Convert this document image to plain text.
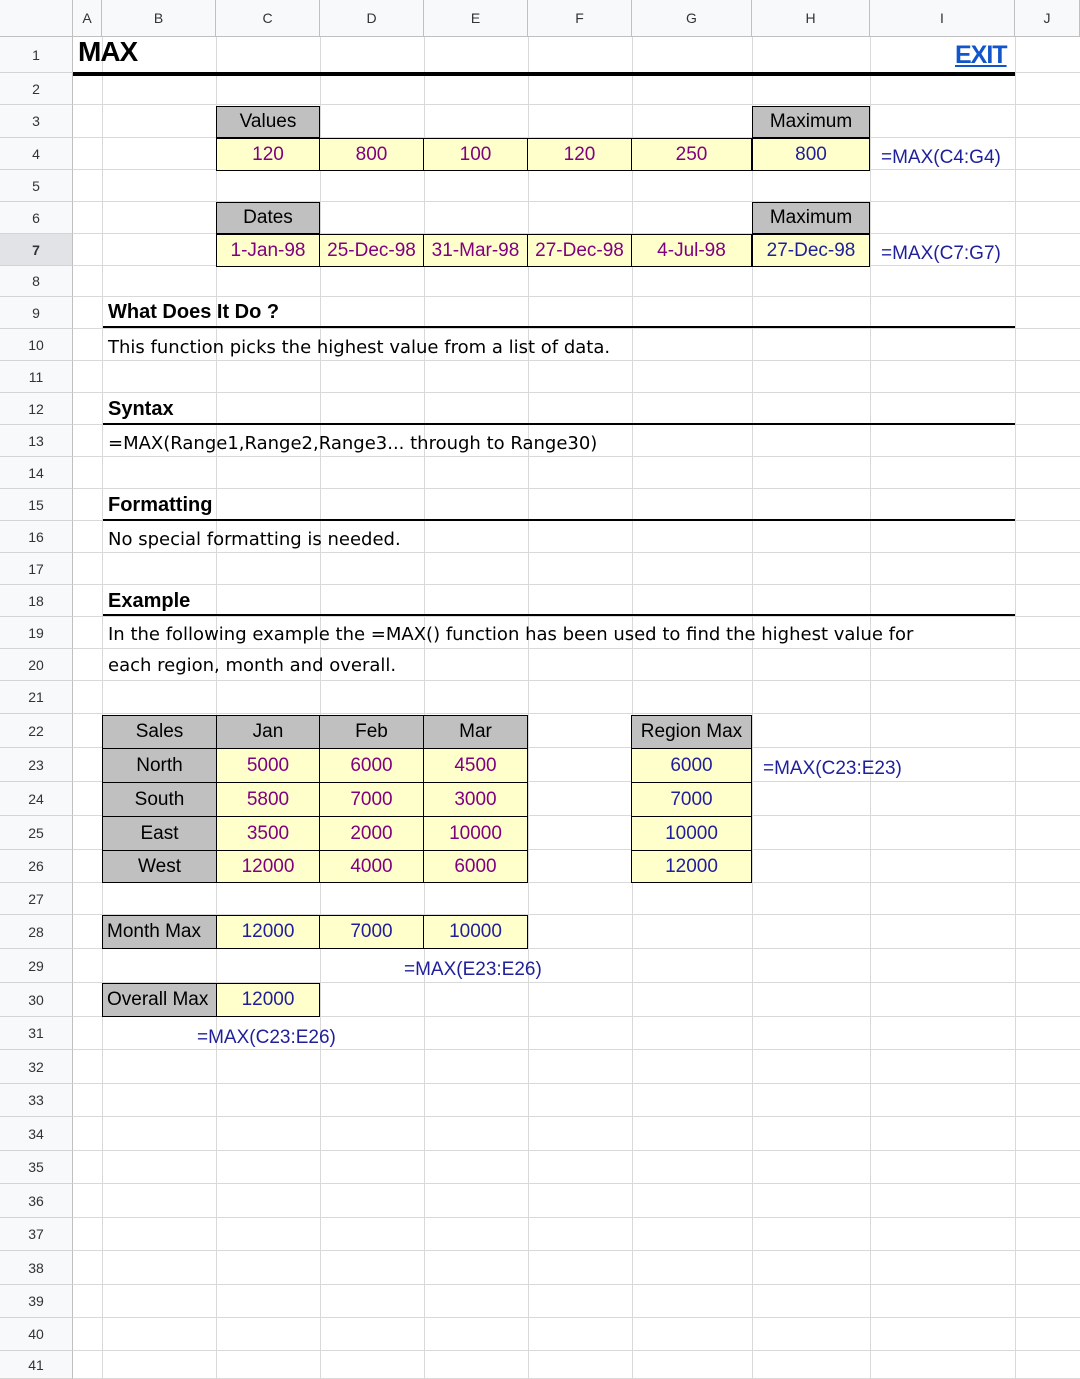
A	B	C	D	E	F	G	H	I	J
1
2
3
4
5
6
7
8
9
10
11
12
13
14
15
16
17
18
19
20
21
22
23
24
25
26
27
28
29
30
31
32
33
34
35
36
37
38
39
40
41
MAX	EXIT
Values
120	800	100	120	250
Maximum
800	=MAX(C4:G4)
Dates
1-Jan-98	25-Dec-98 31-Mar-98 27-Dec-98	4-Jul-98
Maximum
27-Dec-98	=MAX(C7:G7)
What Does It Do ?
This function picks the highest value from a list of data.
Syntax
=MAX(Range1,Range2,Range3... through to Range30)
Formatting
No special formatting is needed.
Example
In the following example the =MAX() function has been used to find the highest value for
each region, month and overall.
Sales	Jan	Feb	Mar
North	5000	6000	4500
South	5800	7000	3000
East	3500	2000	10000
West	12000	4000	6000
Region Max
6000
7000
10000
12000
=MAX(C23:E23)
Month Max	12000	7000	10000
=MAX(E23:E26)
Overall Max	12000
=MAX(C23:E26)
